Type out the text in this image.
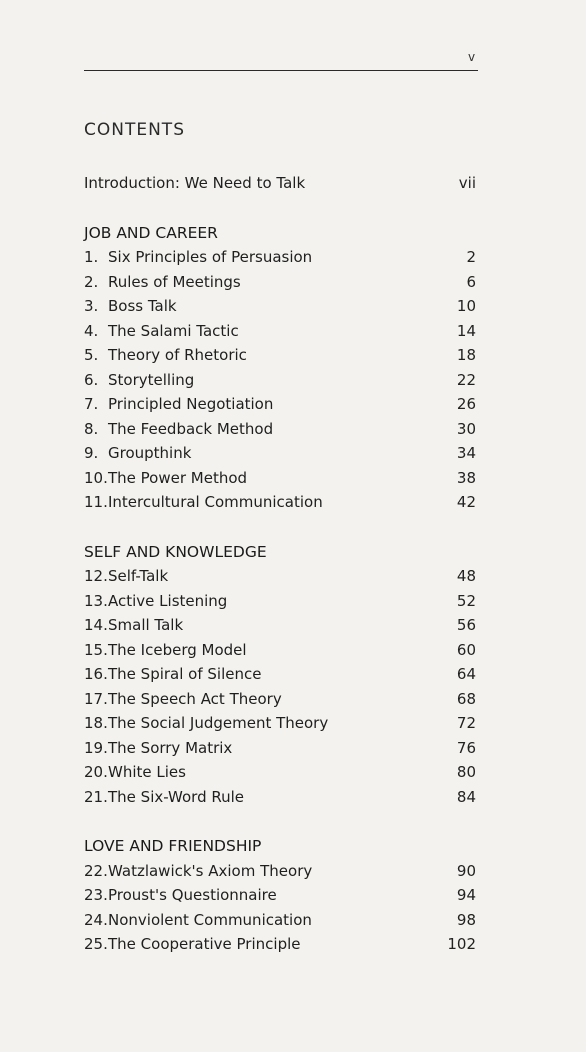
v
CONTENTS
Introduction: We Need to Talk	vii
JOB AND CAREER
1. Six Principles of Persuasion	2
2. Rules of Meetings	6
3. Boss Talk	10
4. The Salami Tactic	14
5. Theory of Rhetoric	18
6. Storytelling	22
7. Principled Negotiation	26
8. The Feedback Method	30
9. Groupthink	34
10. The Power Method	38
11. Intercultural Communication	42
SELF AND KNOWLEDGE
12. Self-Talk	48
13. Active Listening	52
14. Small Talk	56
15. The Iceberg Model	60
16. The Spiral of Silence	64
17. The Speech Act Theory	68
18. The Social Judgement Theory	72
19. The Sorry Matrix	76
20. White Lies	80
21. The Six-Word Rule	84
LOVE AND FRIENDSHIP
22. Watzlawick's Axiom Theory	90
23. Proust's Questionnaire	94
24. Nonviolent Communication	98
25. The Cooperative Principle	102
